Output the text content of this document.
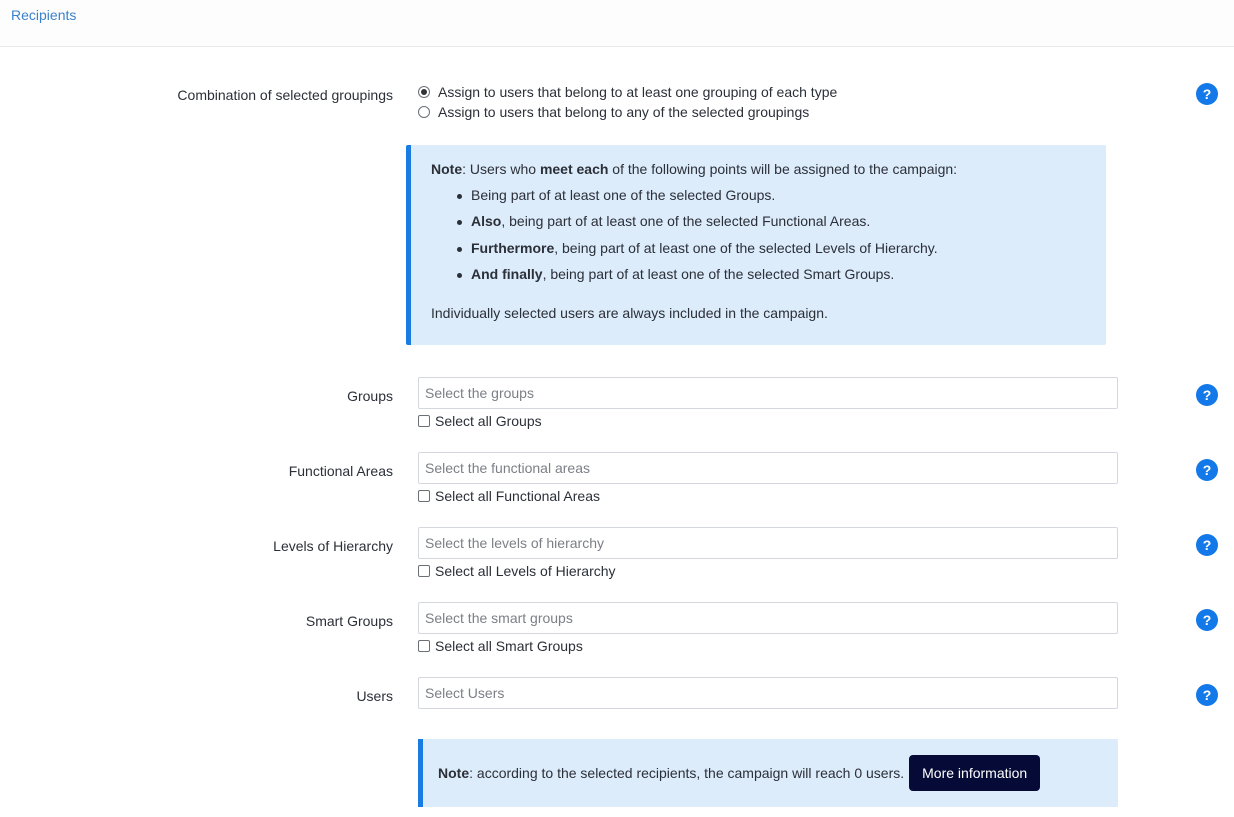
Recipients
Combination of selected groupings	Assign to users that belong to at least one grouping of each type
Assign to users that belong to any of the selected groupings
?
Note: Users who meet each of the following points will be assigned to the campaign:
Being part of at least one of the selected Groups.
Also , being part of at least one of the selected Functional Areas.
Furthermore , being part of at least one of the selected Levels of Hierarchy.
And finally , being part of at least one of the selected Smart Groups.
Individually selected users are always included in the campaign.
Groups	Select the groups
Select all Groups
?
Functional Areas	Select the functional areas
Select all Functional Areas
?
Levels of Hierarchy	Select the levels of hierarchy
Select all Levels of Hierarchy
?
Smart Groups	Select the smart groups
Select all Smart Groups
?
Users	Select Users	?
Note : according to the selected recipients, the campaign will reach 0 users.	More information
